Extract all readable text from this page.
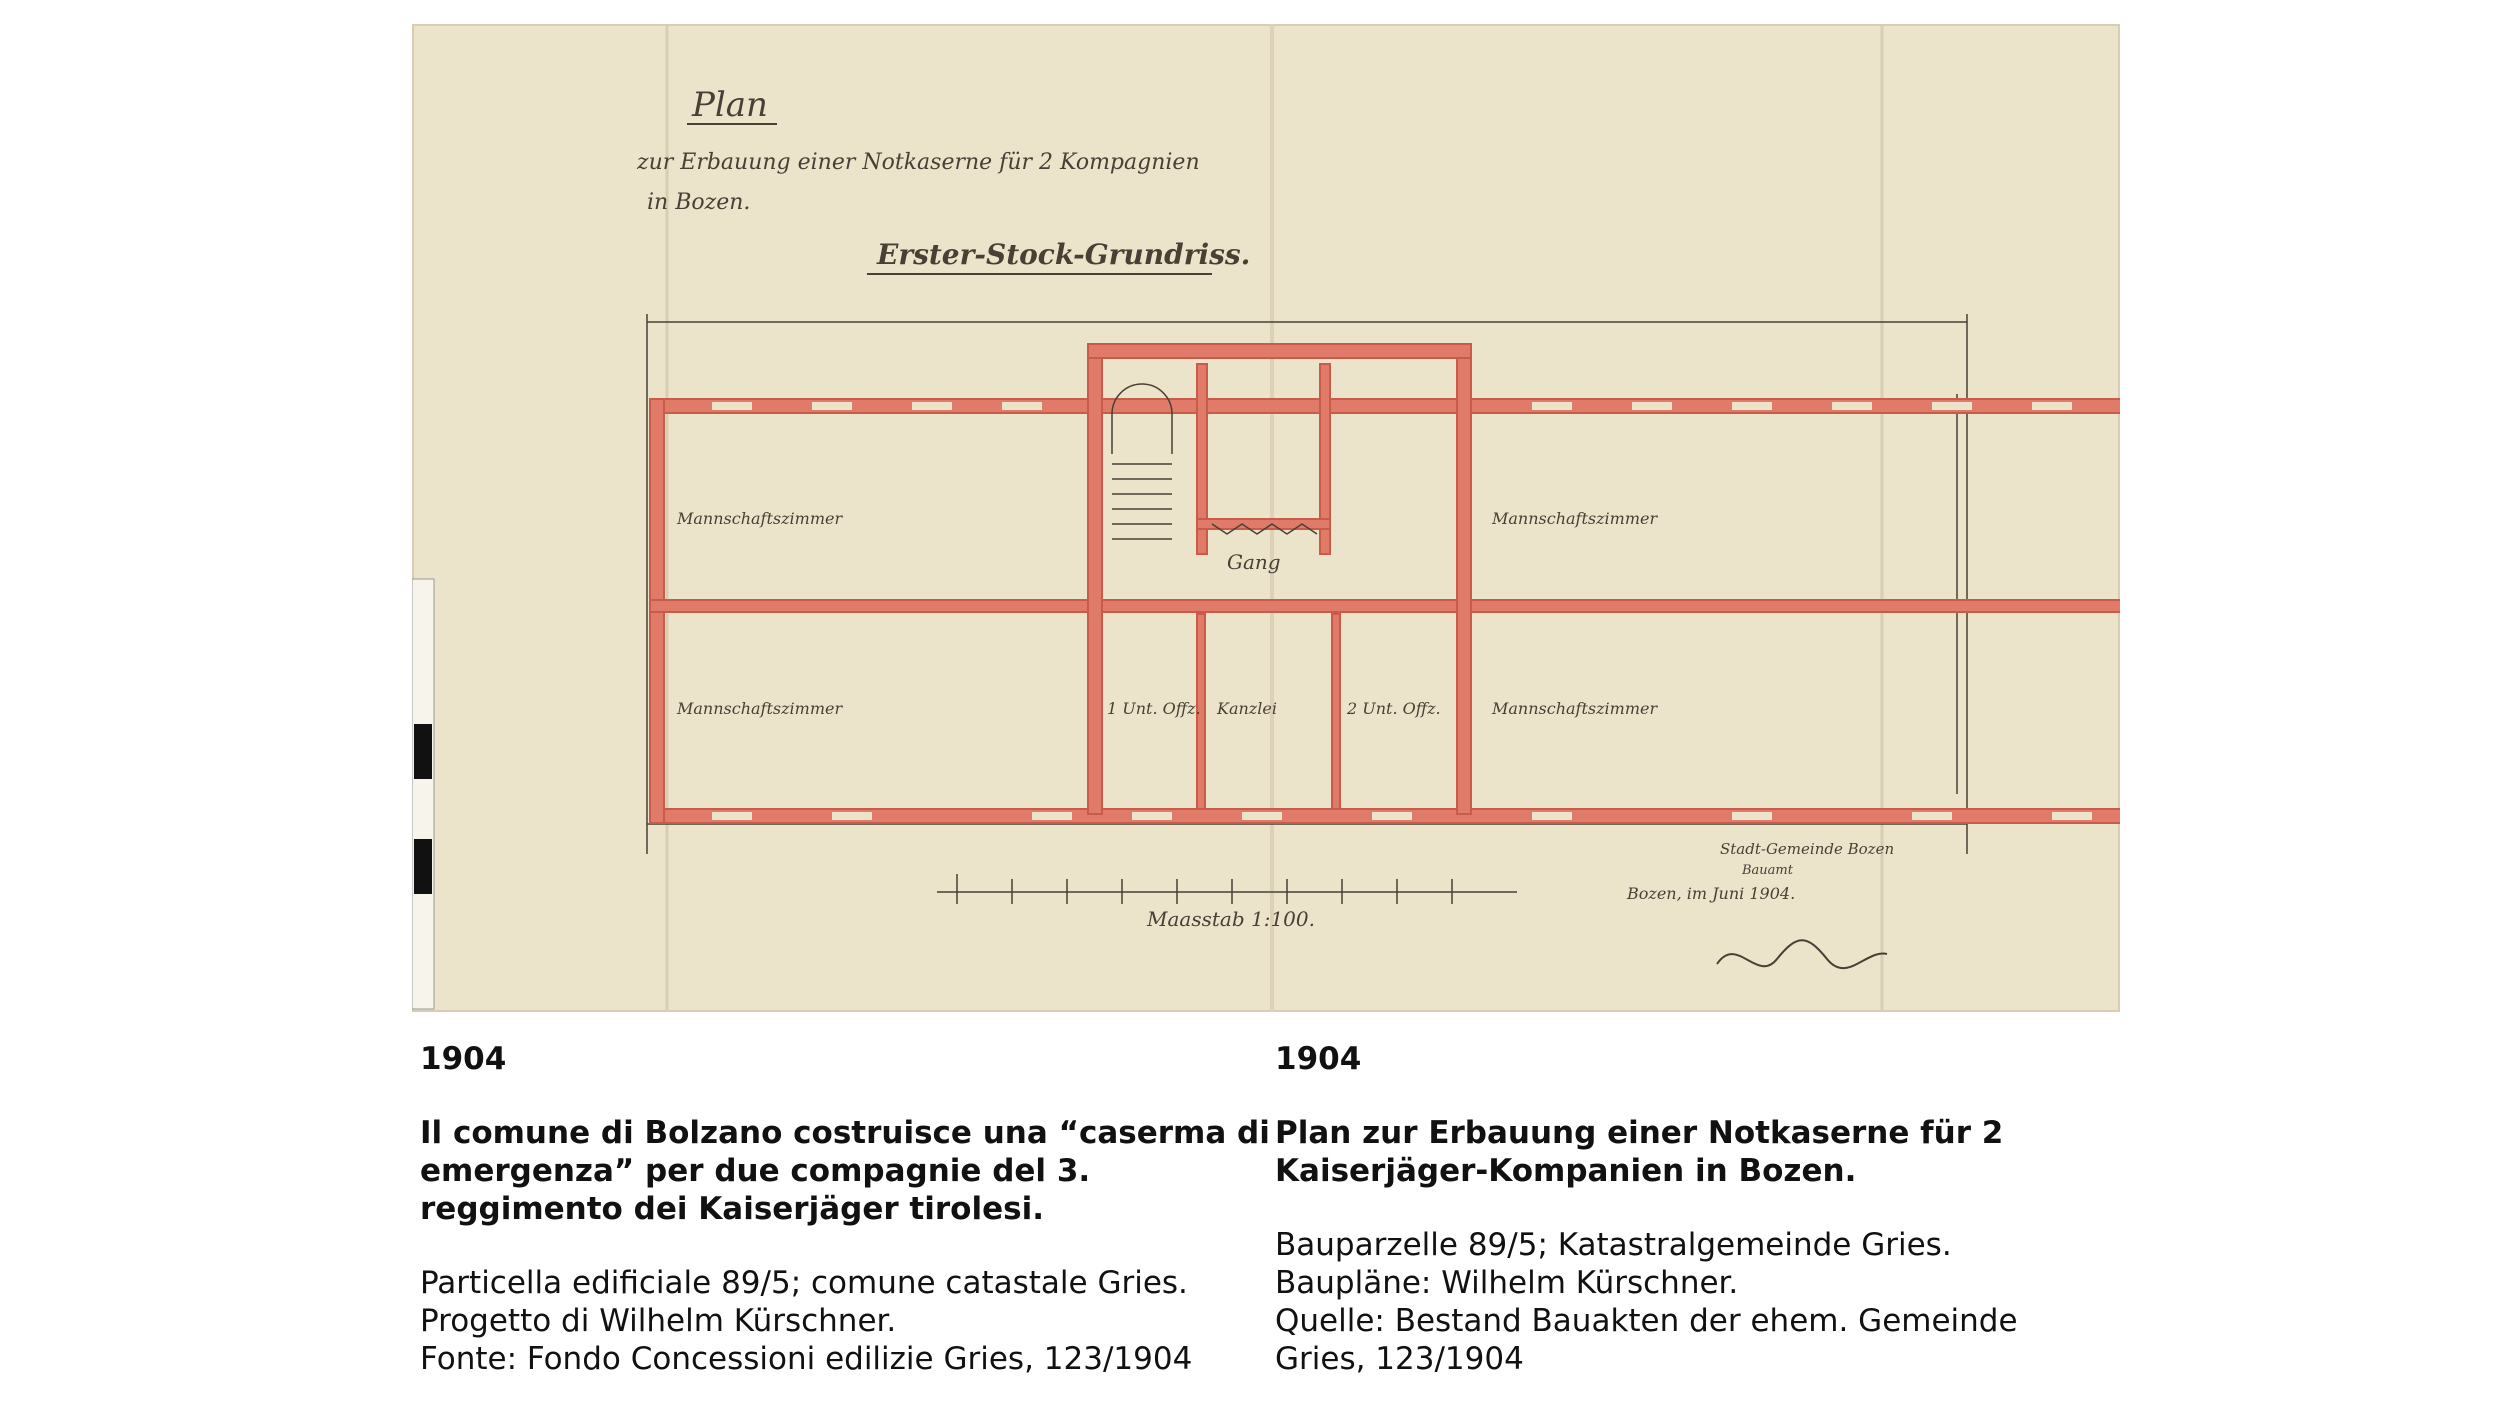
Plan
zur Erbauung einer Notkaserne für 2 Kompagnien
in Bozen.
Erster-Stock-Grundriss.
Mannschaftszimmer	Mannschaftszimmer
Mannschaftszimmer	Mannschaftszimmer
1 Unt. Offz. Kanzlei	2 Unt. Offz.
Gang
Maasstab 1:100.
Stadt-Gemeinde Bozen
Bauamt
Bozen, im Juni 1904.

1904

Il comune di Bolzano costruisce una “caserma di emergenza” per due compagnie del 3. reggimento dei Kaiserjäger tirolesi.

Particella edificiale 89/5; comune catastale Gries.
Progetto di Wilhelm Kürschner.
Fonte: Fondo Concessioni edilizie Gries, 123/1904

1904

Plan zur Erbauung einer Notkaserne für 2 Kaiserjäger-Kompanien in Bozen.

Bauparzelle 89/5; Katastralgemeinde Gries.
Baupläne: Wilhelm Kürschner.
Quelle: Bestand Bauakten der ehem. Gemeinde
Gries, 123/1904
